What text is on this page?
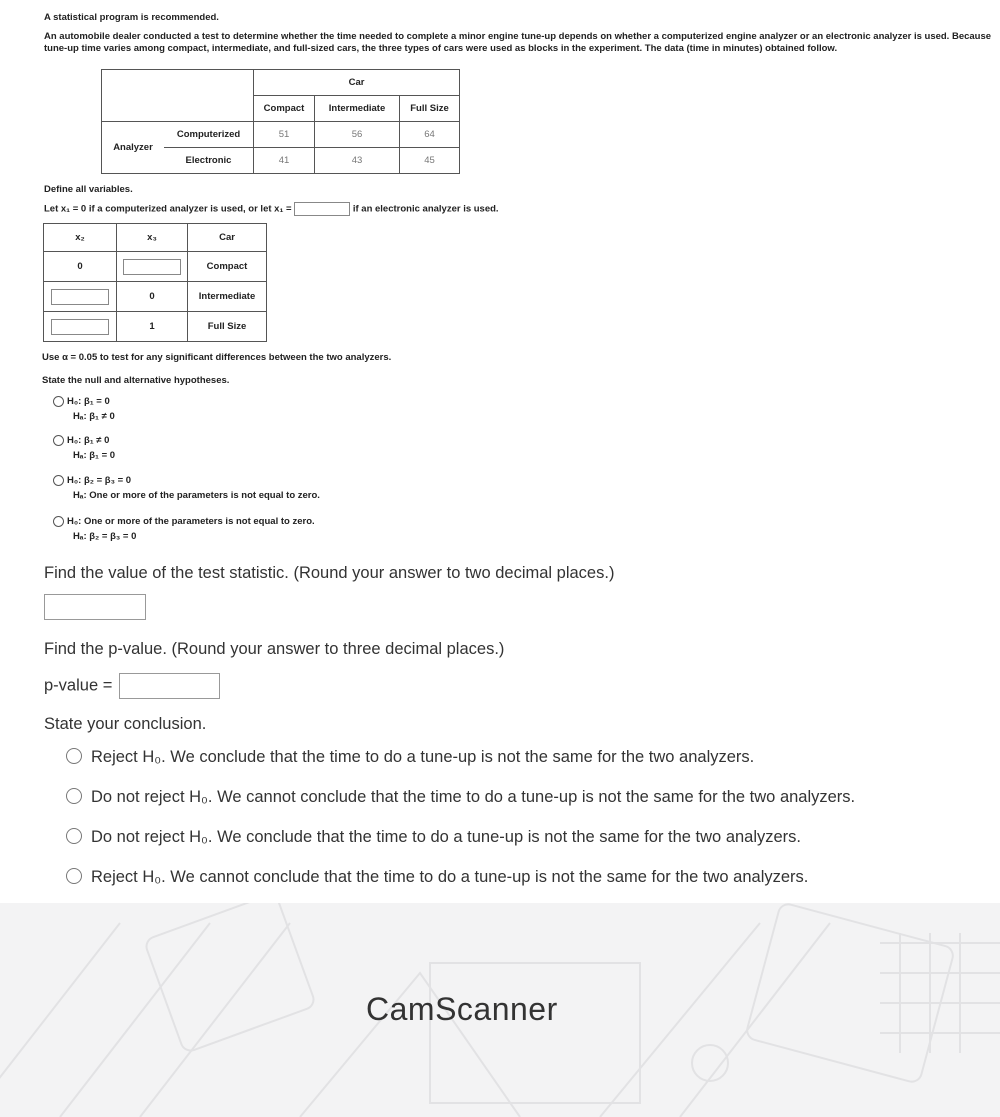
A statistical program is recommended.

An automobile dealer conducted a test to determine whether the time needed to complete a minor engine tune-up depends on whether a computerized engine analyzer or an electronic analyzer is used. Because tune-up time varies among compact, intermediate, and full-sized cars, the three types of cars were used as blocks in the experiment. The data (time in minutes) obtained follow.

		Car		
		Compact	Intermediate	Full Size
Analyzer	Computerized	51	56	64
	Electronic	41	43	45
Define all variables.
Let x₁ = 0 if a computerized analyzer is used, or let x₁ =	if an electronic analyzer is used.
x₂	x₃	Car
0		Compact
	0	Intermediate
	1	Full Size
Use α = 0.05 to test for any significant differences between the two analyzers.
State the null and alternative hypotheses.
H₀: β₁ = 0
Hₐ: β₁ ≠ 0
H₀: β₁ ≠ 0
Hₐ: β₁ = 0
H₀: β₂ = β₃ = 0
Hₐ: One or more of the parameters is not equal to zero.
H₀: One or more of the parameters is not equal to zero.
Hₐ: β₂ = β₃ = 0
Find the value of the test statistic. (Round your answer to two decimal places.)
Find the p-value. (Round your answer to three decimal places.)
p-value =
State your conclusion.
Reject H₀. We conclude that the time to do a tune-up is not the same for the two analyzers.
Do not reject H₀. We cannot conclude that the time to do a tune-up is not the same for the two analyzers.
Do not reject H₀. We conclude that the time to do a tune-up is not the same for the two analyzers.
Reject H₀. We cannot conclude that the time to do a tune-up is not the same for the two analyzers.
CamScanner
